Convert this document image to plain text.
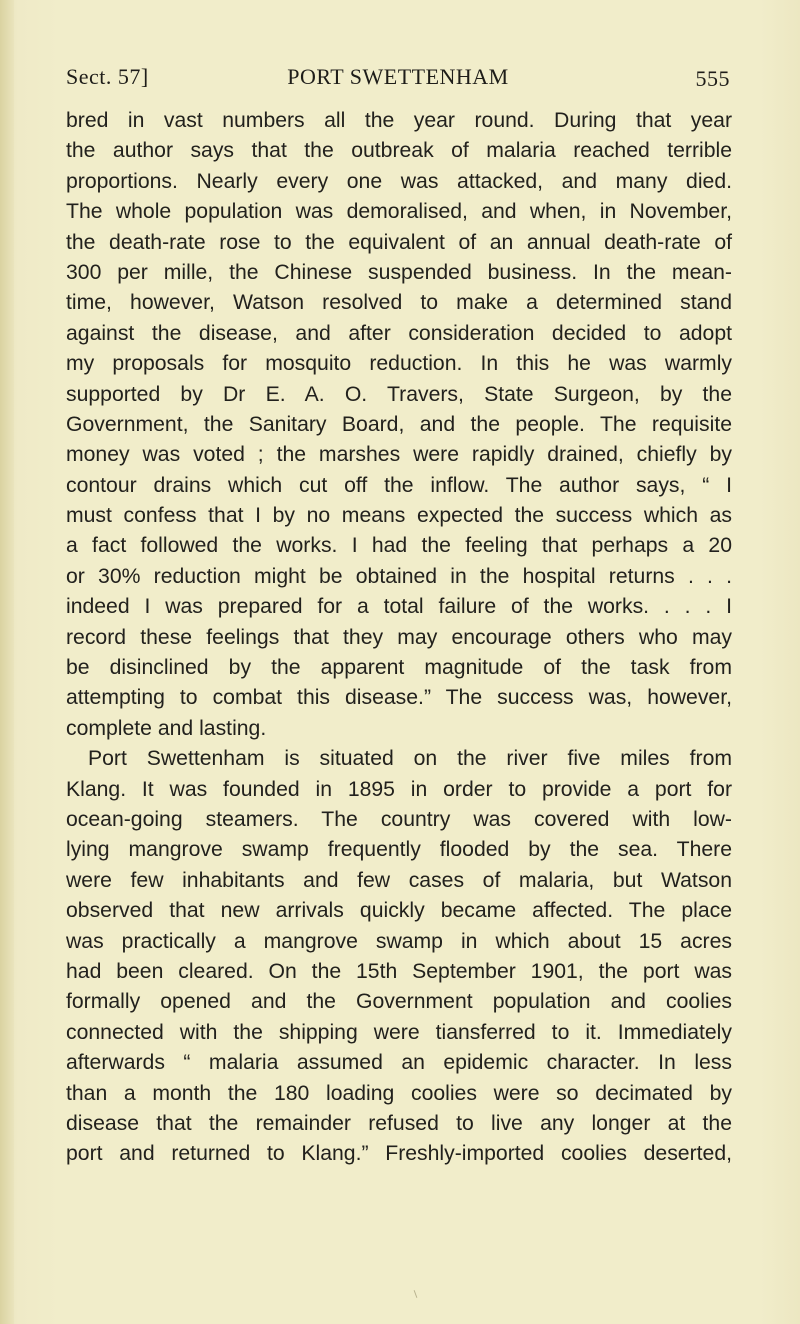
Sect. 57]	PORT SWETTENHAM	555
bred in vast numbers all the year round. During that year
the author says that the outbreak of malaria reached terrible
proportions. Nearly every one was attacked, and many died.
The whole population was demoralised, and when, in November,
the death-rate rose to the equivalent of an annual death-rate of
300 per mille, the Chinese suspended business. In the mean-
time, however, Watson resolved to make a determined stand
against the disease, and after consideration decided to adopt
my proposals for mosquito reduction. In this he was warmly
supported by Dr E. A. O. Travers, State Surgeon, by the
Government, the Sanitary Board, and the people. The requisite
money was voted ; the marshes were rapidly drained, chiefly by
contour drains which cut off the inflow. The author says, “ I
must confess that I by no means expected the success which as
a fact followed the works. I had the feeling that perhaps a 20
or 30% reduction might be obtained in the hospital returns . . .
indeed I was prepared for a total failure of the works. . . . I
record these feelings that they may encourage others who may
be disinclined by the apparent magnitude of the task from
attempting to combat this disease.” The success was, however,
complete and lasting.
Port Swettenham is situated on the river five miles from
Klang. It was founded in 1895 in order to provide a port for
ocean-going steamers. The country was covered with low-
lying mangrove swamp frequently flooded by the sea. There
were few inhabitants and few cases of malaria, but Watson
observed that new arrivals quickly became affected. The place
was practically a mangrove swamp in which about 15 acres
had been cleared. On the 15th September 1901, the port was
formally opened and the Government population and coolies
connected with the shipping were tiansferred to it. Immediately
afterwards “ malaria assumed an epidemic character. In less
than a month the 180 loading coolies were so decimated by
disease that the remainder refused to live any longer at the
port and returned to Klang.” Freshly-imported coolies deserted,
